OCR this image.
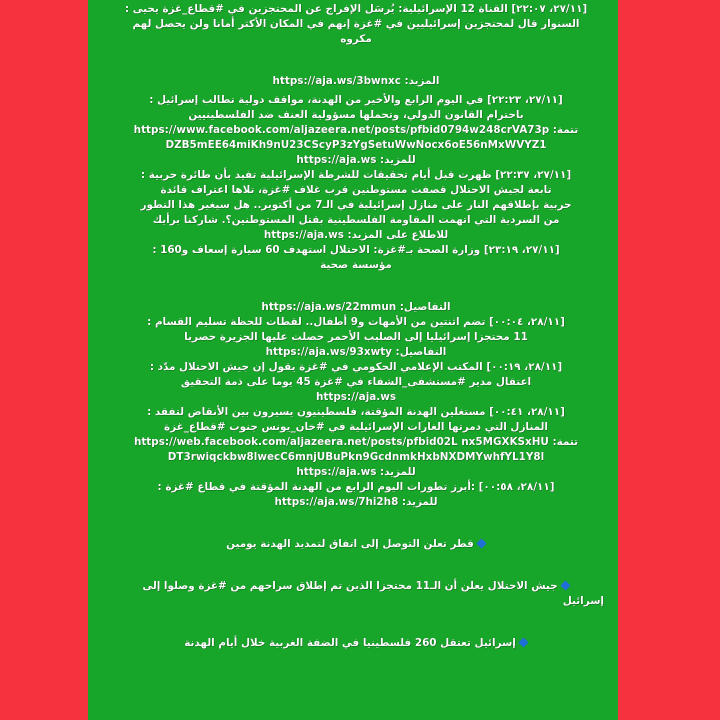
[٢٧/١١، ٢٢:٠٧] ‪: القناة 12 الإسرائيلية: يُرسَل الإفراج عن المحتجزين في #قطاع_غزة يحيى
السنوار قال لمحتجزين إسرائيليين في #غزة إنهم في المكان الأكثر أمانا ولن يحصل لهم
مكروه
المزيد: https://aja.ws/3bwnxc
[٢٧/١١، ٢٢:٢٣] ‪: في اليوم الرابع والأخير من الهدنة، مواقف دولية تطالب إسرائيل
باحترام القانون الدولي، وتحملها مسؤولية العنف ضد الفلسطينيين
تتمة: https://www.facebook.com/aljazeera.net/posts/pfbid0794w248crVA73p
DZB5mEE64miKh9nU23CScyP3zYgSetuWwNocx6oE56nMxWVYZ1
للمزيد: https://aja.ws
[٢٧/١١، ٢٢:٣٧] ‪: ظهرت قبل أيام تحقيقات للشرطة الإسرائيلية تفيد بأن طائرة حربية
تابعة لجيش الاحتلال قصفت مستوطنين قرب غلاف #غزة، تلاها اعتراف قائدة
حربية بإطلاقهم النار على منازل إسرائيلية في الـ7 من أكتوبر.. هل سيغير هذا التطور
من السردية التي اتهمت المقاومة الفلسطينية بقتل المستوطنين؟. شاركنا برأيك
للاطلاع على المزيد: https://aja.ws
[٢٧/١١، ٢٣:١٩] ‪: وزارة الصحة بـ#غزة: الاحتلال استهدف 60 سيارة إسعاف و160
مؤسسة صحية
التفاصيل: https://aja.ws/22mmun
[٢٨/١١، ٠٠:٠٤] ‪: تضم اثنتين من الأمهات و9 أطفال.. لقطات للحظة تسليم القسام
11 محتجزا إسرائيليا إلى الصليب الأحمر حصلت عليها الجزيرة حصريا
التفاصيل: https://aja.ws/93xwty
[٢٨/١١، ٠٠:١٩] ‪: المكتب الإعلامي الحكومي في #غزة يقول إن جيش الاحتلال مدّد
اعتقال مدير #مستشفى_الشفاء في #غزة 45 يوما على ذمة التحقيق
https://aja.ws
[٢٨/١١، ٠٠:٤١] ‪: مستغلين الهدنة المؤقتة، فلسطينيون يسيرون بين الأنقاض لتفقد
المنازل التي دمرتها الغارات الإسرائيلية في #خان_يونس جنوب #قطاع_غزة
تتمة: https://web.facebook.com/aljazeera.net/posts/pfbid02L nx5MGXKSxHU
DT3rwiqckbw8lwecC6mnjUBuPkn9GcdnmkHxbNXDMYwhfYL1Y8l
للمزيد: https://aja.ws
[٢٨/١١، ٠٠:٥٨] ‪: أبرز تطورات اليوم الرابع من الهدنة المؤقتة في قطاع #غزة:
للمزيد: https://aja.ws/7hi2h8
قطر تعلن التوصل إلى اتفاق لتمديد الهدنة يومين
جيش الاحتلال يعلن أن الـ11 محتجزا الذين تم إطلاق سراحهم من #غزة وصلوا إلى
إسرائيل
إسرائيل تعتقل 260 فلسطينيا في الضفة الغربية خلال أيام الهدنة
